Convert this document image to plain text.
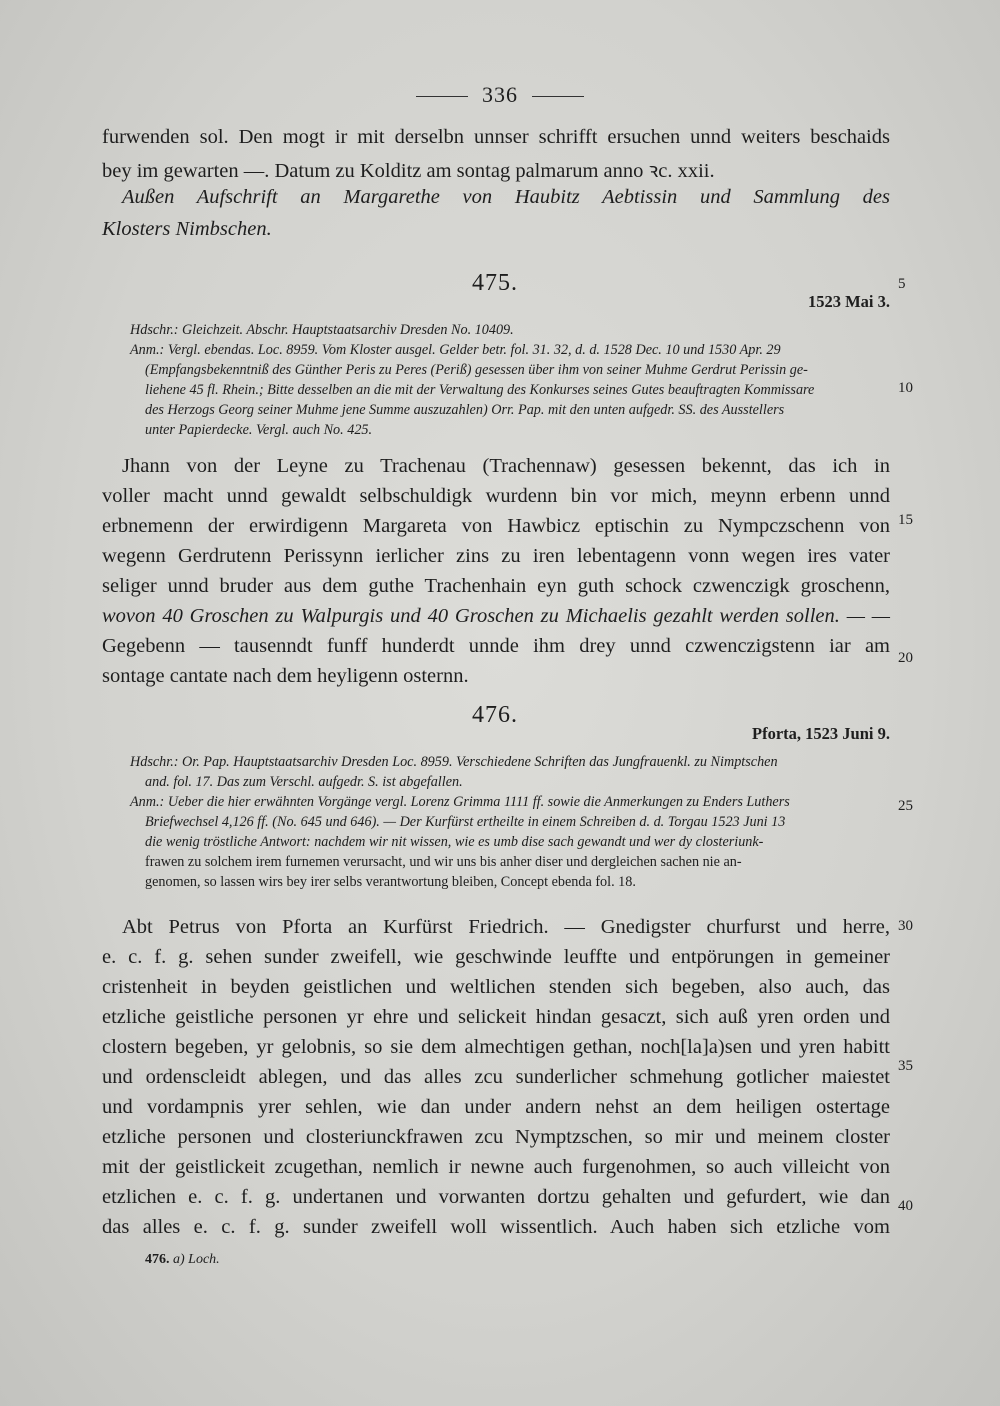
336
furwenden sol. Den mogt ir mit derselbn unnser schrifft ersuchen unnd weiters beschaids
bey im gewarten —. Datum zu Kolditz am sontag palmarum anno ꝛc. xxii.
Außen Aufschrift an Margarethe von Haubitz Aebtissin und Sammlung des
Klosters Nimbschen.
475.
1523 Mai 3.
Hdschr.: Gleichzeit. Abschr. Hauptstaatsarchiv Dresden No. 10409.
Anm.: Vergl. ebendas. Loc. 8959. Vom Kloster ausgel. Gelder betr. fol. 31. 32, d. d. 1528 Dec. 10 und 1530 Apr. 29
(Empfangsbekenntniß des Günther Peris zu Peres (Periß) gesessen über ihm von seiner Muhme Gerdrut Perissin ge-
liehene 45 fl. Rhein.; Bitte desselben an die mit der Verwaltung des Konkurses seines Gutes beauftragten Kommissare
des Herzogs Georg seiner Muhme jene Summe auszuzahlen) Orr. Pap. mit den unten aufgedr. SS. des Ausstellers
unter Papierdecke. Vergl. auch No. 425.
Jhann von der Leyne zu Trachenau (Trachennaw) gesessen bekennt, das ich in
voller macht unnd gewaldt selbschuldigk wurdenn bin vor mich, meynn erbenn unnd
erbnemenn der erwirdigenn Margareta von Hawbicz eptischin zu Nympczschenn von
wegenn Gerdrutenn Perissynn ierlicher zins zu iren lebentagenn vonn wegen ires vater
seliger unnd bruder aus dem guthe Trachenhain eyn guth schock czwenczigk groschenn,
wovon 40 Groschen zu Walpurgis und 40 Groschen zu Michaelis gezahlt werden sollen. — —
Gegebenn — tausenndt funff hunderdt unnde ihm drey unnd czwenczigstenn iar am
sontage cantate nach dem heyligenn osternn.
476.
Pforta, 1523 Juni 9.
Hdschr.: Or. Pap. Hauptstaatsarchiv Dresden Loc. 8959. Verschiedene Schriften das Jungfrauenkl. zu Nimptschen
and. fol. 17. Das zum Verschl. aufgedr. S. ist abgefallen.
Anm.: Ueber die hier erwähnten Vorgänge vergl. Lorenz Grimma 1111 ff. sowie die Anmerkungen zu Enders Luthers
Briefwechsel 4,126 ff. (No. 645 und 646). — Der Kurfürst ertheilte in einem Schreiben d. d. Torgau 1523 Juni 13
die wenig tröstliche Antwort: nachdem wir nit wissen, wie es umb dise sach gewandt und wer dy closteriunk-
frawen zu solchem irem furnemen verursacht, und wir uns bis anher diser und dergleichen sachen nie an-
genomen, so lassen wirs bey irer selbs verantwortung bleiben, Concept ebenda fol. 18.
Abt Petrus von Pforta an Kurfürst Friedrich. — Gnedigster churfurst und herre,
e. c. f. g. sehen sunder zweifell, wie geschwinde leuffte und entpörungen in gemeiner
cristenheit in beyden geistlichen und weltlichen stenden sich begeben, also auch, das
etzliche geistliche personen yr ehre und selickeit hindan gesaczt, sich auß yren orden und
clostern begeben, yr gelobnis, so sie dem almechtigen gethan, noch[la]a)sen und yren habitt
und ordenscleidt ablegen, und das alles zcu sunderlicher schmehung gotlicher maiestet
und vordampnis yrer sehlen, wie dan under andern nehst an dem heiligen ostertage
etzliche personen und closteriunckfrawen zcu Nymptzschen, so mir und meinem closter
mit der geistlickeit zcugethan, nemlich ir newne auch furgenohmen, so auch villeicht von
etzlichen e. c. f. g. undertanen und vorwanten dortzu gehalten und gefurdert, wie dan
das alles e. c. f. g. sunder zweifell woll wissentlich. Auch haben sich etzliche vom
5
10
15
20
25
30
35
40
476. a) Loch.
